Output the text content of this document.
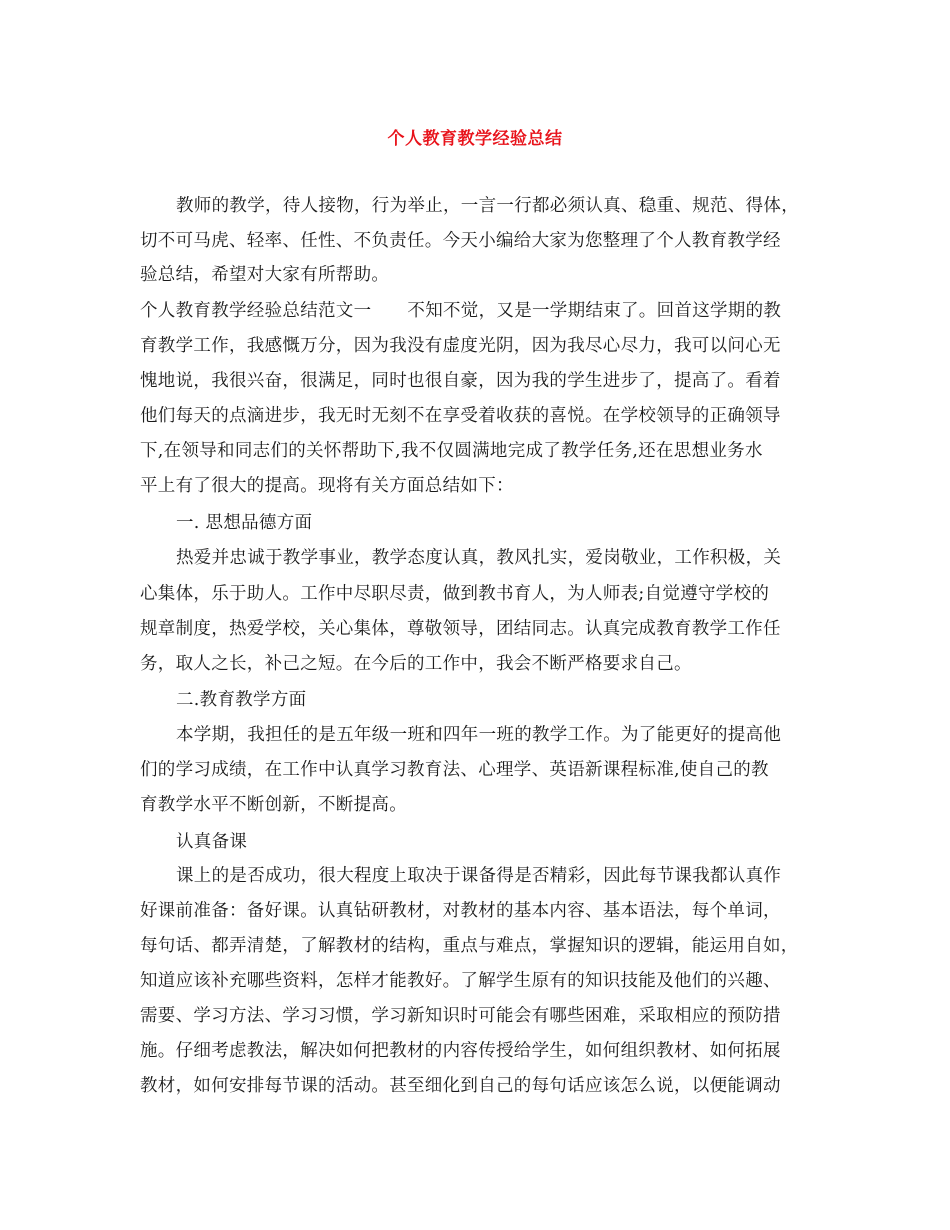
个人教育教学经验总结
教师的教学，待人接物，行为举止，一言一行都必须认真、稳重、规范、得体，
切不可马虎、轻率、任性、不负责任。今天小编给大家为您整理了个人教育教学经
验总结，希望对大家有所帮助。
个人教育教学经验总结范文一 不知不觉，又是一学期结束了。回首这学期的教
育教学工作，我感慨万分，因为我没有虚度光阴，因为我尽心尽力，我可以问心无
愧地说，我很兴奋，很满足，同时也很自豪，因为我的学生进步了，提高了。看着
他们每天的点滴进步，我无时无刻不在享受着收获的喜悦。在学校领导的正确领导
下,在领导和同志们的关怀帮助下,我不仅圆满地完成了教学任务,还在思想业务水
平上有了很大的提高。现将有关方面总结如下：
一. 思想品德方面
热爱并忠诚于教学事业，教学态度认真，教风扎实，爱岗敬业，工作积极，关
心集体，乐于助人。工作中尽职尽责，做到教书育人，为人师表;自觉遵守学校的
规章制度，热爱学校，关心集体，尊敬领导，团结同志。认真完成教育教学工作任
务，取人之长，补己之短。在今后的工作中，我会不断严格要求自己。
二.教育教学方面
本学期，我担任的是五年级一班和四年一班的教学工作。为了能更好的提高他
们的学习成绩，在工作中认真学习教育法、心理学、英语新课程标准,使自己的教
育教学水平不断创新，不断提高。
认真备课
课上的是否成功，很大程度上取决于课备得是否精彩，因此每节课我都认真作
好课前准备：备好课。认真钻研教材，对教材的基本内容、基本语法，每个单词，
每句话、都弄清楚，了解教材的结构，重点与难点，掌握知识的逻辑，能运用自如，
知道应该补充哪些资料，怎样才能教好。了解学生原有的知识技能及他们的兴趣、
需要、学习方法、学习习惯，学习新知识时可能会有哪些困难，采取相应的预防措
施。仔细考虑教法，解决如何把教材的内容传授给学生，如何组织教材、如何拓展
教材，如何安排每节课的活动。甚至细化到自己的每句话应该怎么说，以便能调动
